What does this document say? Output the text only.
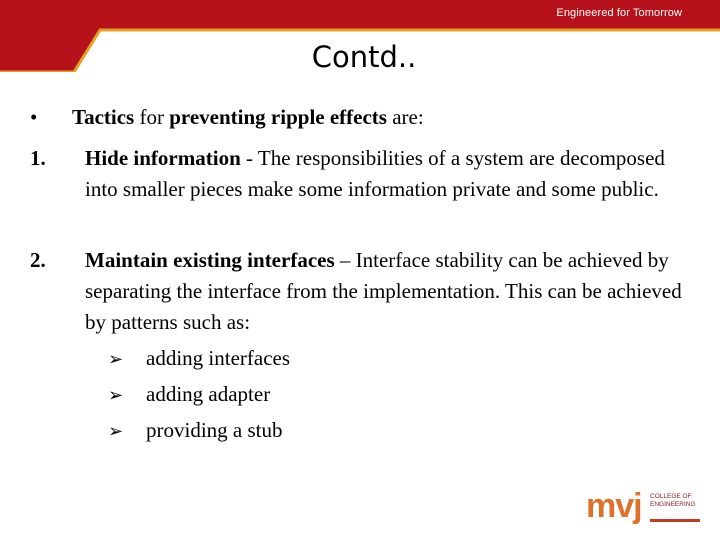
Engineered for Tomorrow
Contd..
• Tactics for preventing ripple effects are:
1.	Hide information - The responsibilities of a system are decomposed into smaller pieces make some information private and some public.
2.	Maintain existing interfaces – Interface stability can be achieved by separating the interface from the implementation. This can be achieved by patterns such as:
➢ adding interfaces
➢ adding adapter
➢ providing a stub
mvj COLLEGE OF
ENGINEERING
